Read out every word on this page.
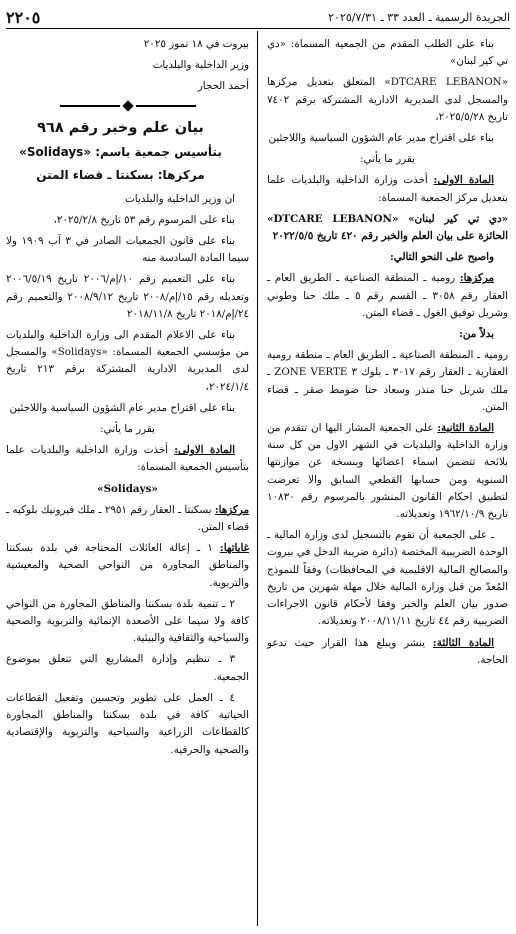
الجريدة الرسمية ـ العدد ٣٣ ـ ٢٠٢٥/٧/٣١
٢٢٠٥

بناء على الطلب المقدم من الجمعية المسماة: «دي تي كير لبنان»

«DTCARE LEBANON» المتعلق بتعديل مركزها والمسجل لدى المديرية الادارية المشتركة برقم ٧٤٠٢ تاريخ ٢٠٢٥/٥/٢٨،

بناء على اقتراح مدير عام الشؤون السياسية واللاجئين

يقرر ما يأتي:

المادة الاولى: أخذت وزارة الداخلية والبلديات علما بتعديل مركز الجمعية المسماة:

«دي تي كير لبنان» «DTCARE LEBANON» الحائزة على بيان العلم والخبر رقم ٤٢٠ تاريخ ٢٠٢٢/٥/٥

واصبح على النحو التالي:

مركزها: رومية ـ المنطقة الصناعية ـ الطريق العام ـ العقار رقم ٣٠٥٨ ـ القسم رقم ٥ ـ ملك حنا وطوني وشربل توفيق الغول ـ قضاء المتن.

بدلاً من:

رومية ـ المنطقة الصناعية ـ الطريق العام ـ منطقة رومية العقارية ـ العقار رقم ٣٠١٧ ـ بلوك ٣ ZONE VERTE ـ ملك شربل حنا منذر وسعاد حنا ضومط صقر ـ قضاء المتن.

المادة الثانية: على الجمعية المشار اليها ان تتقدم من وزارة الداخلية والبلديات في الشهر الاول من كل سنة بلائحة تتضمن اسماء اعضائها وبنسخة عن موازنتها السنوية ومن حسابها القطعي السابق والا تعرضت لتطبيق احكام القانون المنشور بالمرسوم رقم ١٠٨٣٠ تاريخ ١٩٦٢/١٠/٩ وتعديلاته.

ـ على الجمعية أن تقوم بالتسجيل لدى وزارة المالية ـ الوحدة الضريبية المختصة (دائرة ضريبة الدخل في بيروت والمصالح المالية الاقليمية في المحافظات) وفقاً للنموذج المُعدّ من قبل وزارة المالية خلال مهلة شهرين من تاريخ صدور بيان العلم والخبر وفقا لأحكام قانون الاجراءات الضريبية رقم ٤٤ تاريخ ٢٠٠٨/١١/١١ وتعديلاته.

المادة الثالثة: ينشر ويبلغ هذا القرار حيث تدعو الحاجة.

بيروت في ١٨ تموز ٢٠٢٥

وزير الداخلية والبلديات

أحمد الحجار

بيان علم وخبر رقم ٩٦٨

بتأسيس جمعية باسم: «Solidays»

مركزها: بسكنتا ـ قضاء المتن

ان وزير الداخلية والبلديات

بناء على المرسوم رقم ٥٣ تاريخ ٢٠٢٥/٢/٨،

بناء على قانون الجمعيات الصادر في ٣ آب ١٩٠٩ ولا سيما المادة السادسة منه

بناء على التعميم رقم ١٠/إم/٢٠٠٦ تاريخ ٢٠٠٦/٥/١٩ وتعديله رقم ١٥/إم/٢٠٠٨ تاريخ ٢٠٠٨/٩/١٢ والتعميم رقم ٢٤/إم/٢٠١٨ تاريخ ٢٠١٨/١١/٨

بناء على الاعلام المقدم الى وزارة الداخلية والبلديات من مؤسسي الجمعية المسماة: «Solidays» والمسجل لدى المديرية الادارية المشتركة برقم ٢١٣ تاريخ ٢٠٢٤/١/٤،

بناء على اقتراح مدير عام الشؤون السياسية واللاجئين

يقرر ما يأتي:

المادة الاولى: أخذت وزارة الداخلية والبلديات علما بتأسيس الجمعية المسماة:

«Solidays»

مركزها: بسكنتا ـ العقار رقم ٢٩٥١ ـ ملك فيرونيك بلوكيه ـ قضاء المتن.

غاياتها: ١ ـ إعالة العائلات المحتاجة في بلدة بسكنتا والمناطق المجاورة من النواحي الصحية والمعيشية والتربوية.

٢ ـ تنمية بلدة بسكنتا والمناطق المجاورة من النواحي كافة ولا سيما على الأصعدة الإنمائية والتربوية والصحية والسياحية والثقافية والبيئية.

٣ ـ تنظيم وإدارة المشاريع التي تتعلق بموضوع الجمعية.

٤ ـ العمل على تطوير وتحسين وتفعيل القطاعات الحياتية كافة في بلدة بسكنتا والمناطق المجاورة كالقطاعات الزراعية والسياحية والتربوية والإقتصادية والصحية والحرفية.
